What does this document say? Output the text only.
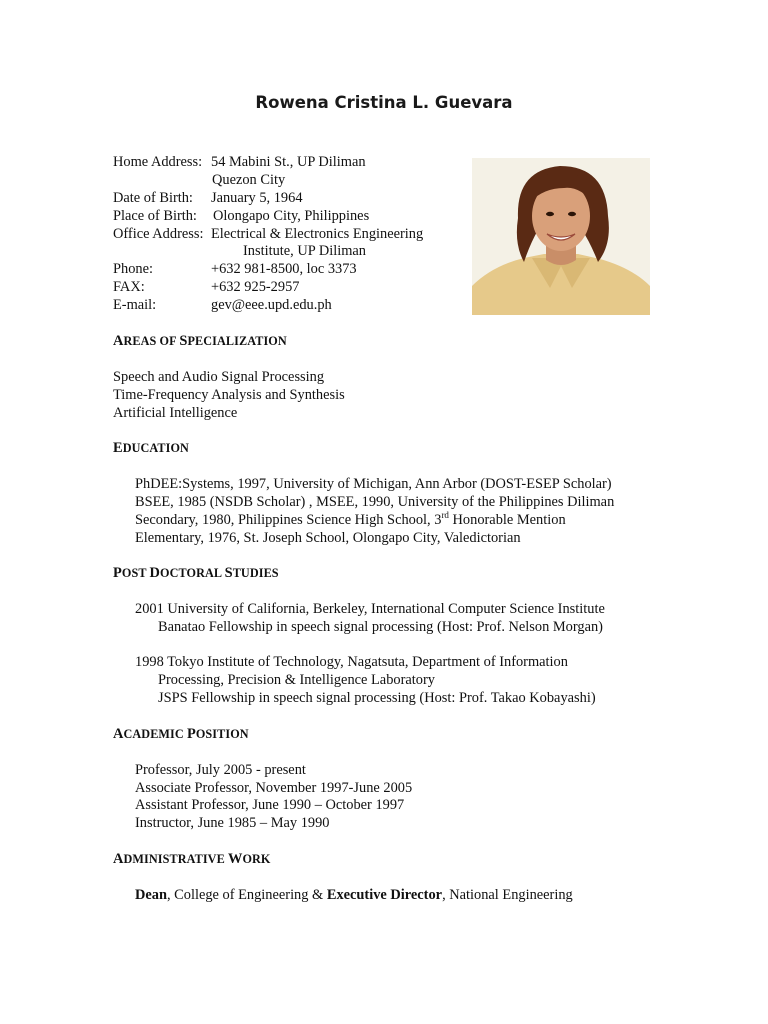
Rowena Cristina L. Guevara
Home Address: 54 Mabini St., UP Diliman
Quezon City
Date of Birth: January 5, 1964
Place of Birth: Olongapo City, Philippines
Office Address: Electrical & Electronics Engineering
Institute, UP Diliman
Phone:	+632 981-8500, loc 3373
FAX:	+632 925-2957
E-mail:	gev@eee.upd.edu.ph
AREAS OF SPECIALIZATION
Speech and Audio Signal Processing
Time-Frequency Analysis and Synthesis
Artificial Intelligence
EDUCATION
PhDEE:Systems, 1997, University of Michigan, Ann Arbor (DOST-ESEP Scholar)
BSEE, 1985 (NSDB Scholar) , MSEE, 1990, University of the Philippines Diliman
Secondary, 1980, Philippines Science High School, 3rd Honorable Mention
Elementary, 1976, St. Joseph School, Olongapo City, Valedictorian
POST DOCTORAL STUDIES
2001 University of California, Berkeley, International Computer Science Institute
Banatao Fellowship in speech signal processing (Host: Prof. Nelson Morgan)
1998 Tokyo Institute of Technology, Nagatsuta, Department of Information
Processing, Precision & Intelligence Laboratory
JSPS Fellowship in speech signal processing (Host: Prof. Takao Kobayashi)
ACADEMIC POSITION
Professor, July 2005 - present
Associate Professor, November 1997-June 2005
Assistant Professor, June 1990 – October 1997
Instructor, June 1985 – May 1990
ADMINISTRATIVE WORK
Dean, College of Engineering & Executive Director, National Engineering
